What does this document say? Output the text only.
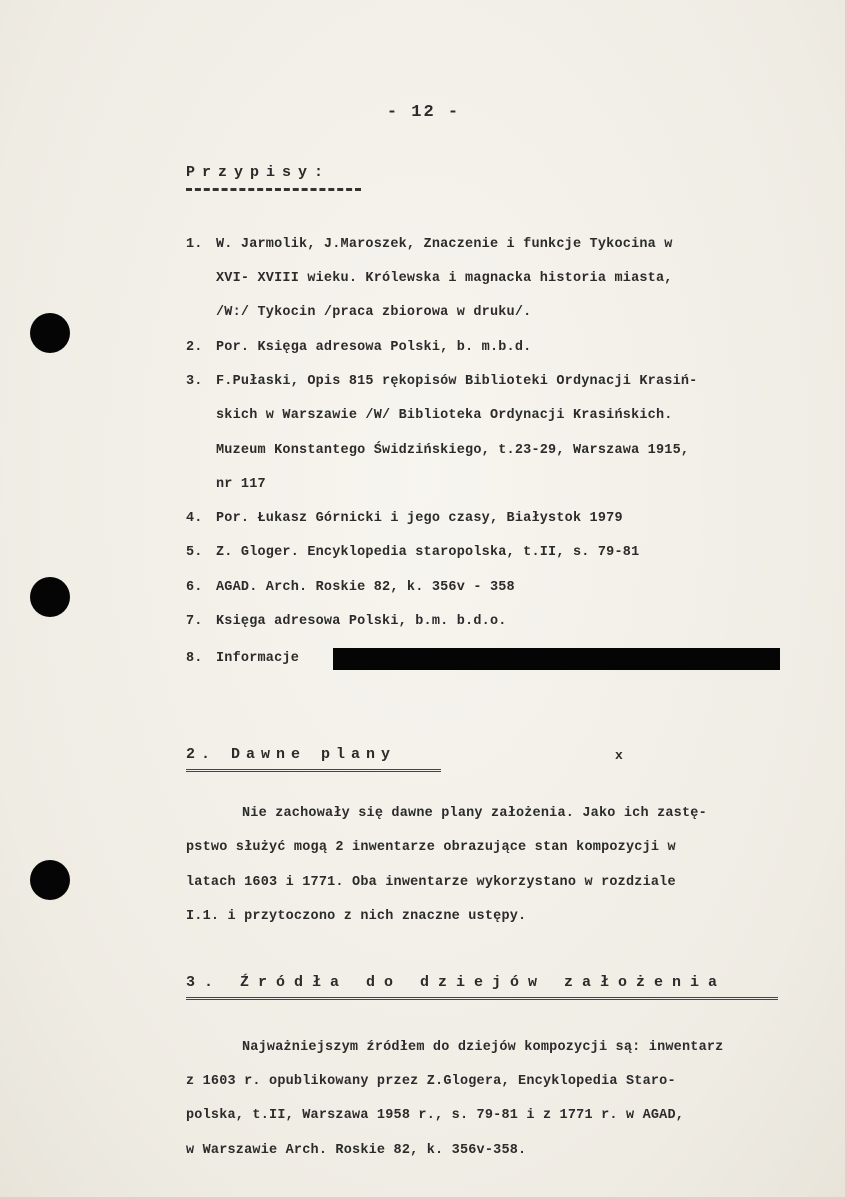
- 12 -
Przypisy:
1. W. Jarmolik, J.Maroszek, Znaczenie i funkcje Tykocina w
XVI- XVIII wieku. Królewska i magnacka historia miasta,
/W:/ Tykocin /praca zbiorowa w druku/.
2. Por. Księga adresowa Polski, b. m.b.d.
3. F.Pułaski, Opis 815 rękopisów Biblioteki Ordynacji Krasiń-
skich w Warszawie /W/ Biblioteka Ordynacji Krasińskich.
Muzeum Konstantego Świdzińskiego, t.23-29, Warszawa 1915,
nr 117
4. Por. Łukasz Górnicki i jego czasy, Białystok 1979
5. Z. Gloger. Encyklopedia staropolska, t.II, s. 79-81
6. AGAD. Arch. Roskie 82, k. 356v - 358
7. Księga adresowa Polski, b.m. b.d.o.
8. Informacje
2. Dawne plany	x
Nie zachowały się dawne plany założenia. Jako ich zastę-
pstwo służyć mogą 2 inwentarze obrazujące stan kompozycji w
latach 1603 i 1771. Oba inwentarze wykorzystano w rozdziale
I.1. i przytoczono z nich znaczne ustępy.
3. Źródła do dziejów założenia
Najważniejszym źródłem do dziejów kompozycji są: inwentarz
z 1603 r. opublikowany przez Z.Glogera, Encyklopedia Staro-
polska, t.II, Warszawa 1958 r., s. 79-81 i z 1771 r. w AGAD,
w Warszawie Arch. Roskie 82, k. 356v-358.
